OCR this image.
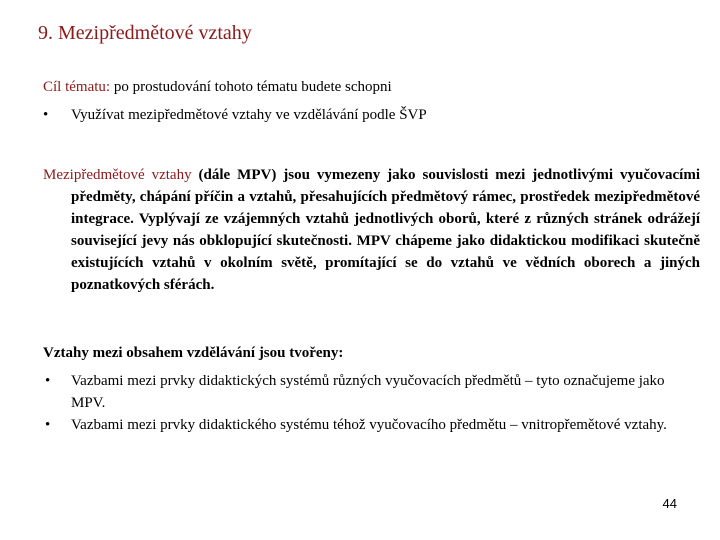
9. Mezipředmětové vztahy
Cíl tématu: po prostudování tohoto tématu budete schopni
• Využívat mezipředmětové vztahy ve vzdělávání podle ŠVP
Mezipředmětové vztahy (dále MPV) jsou vymezeny jako souvislosti mezi jednotlivými vyučovacími předměty, chápání příčin a vztahů, přesahujících předmětový rámec, prostředek mezipředmětové integrace. Vyplývají ze vzájemných vztahů jednotlivých oborů, které z různých stránek odrážejí související jevy nás obklopující skutečnosti. MPV chápeme jako didaktickou modifikaci skutečně existujících vztahů v okolním světě, promítající se do vztahů ve vědních oborech a jiných poznatkových sférách.
Vztahy mezi obsahem vzdělávání jsou tvořeny:
• Vazbami mezi prvky didaktických systémů různých vyučovacích předmětů – tyto označujeme jako MPV.
• Vazbami mezi prvky didaktického systému téhož vyučovacího předmětu – vnitropřemětové vztahy.
44
